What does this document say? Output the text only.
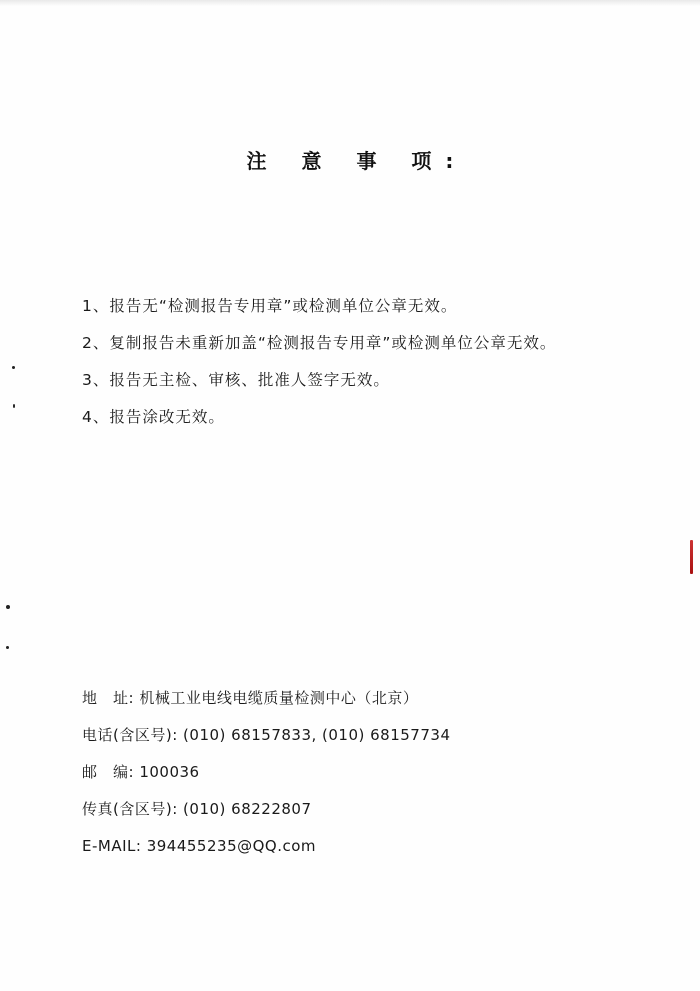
注 意 事 项:
1、报告无“检测报告专用章”或检测单位公章无效。
2、复制报告未重新加盖“检测报告专用章”或检测单位公章无效。
3、报告无主检、审核、批准人签字无效。
4、报告涂改无效。
地　址: 机械工业电线电缆质量检测中心（北京）
电话(含区号): (010) 68157833, (010) 68157734
邮　编: 100036
传真(含区号): (010) 68222807
E-MAIL: 394455235@QQ.com
